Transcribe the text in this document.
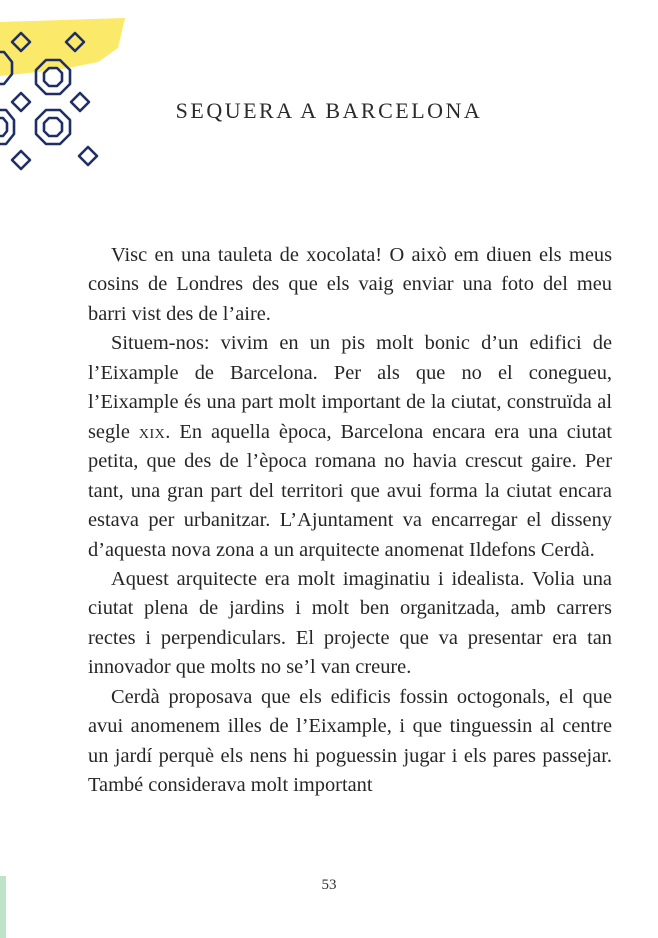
SEQUERA A BARCELONA

Visc en una tauleta de xocolata! O això em diuen els meus cosins de Londres des que els vaig enviar una foto del meu barri vist des de l’aire.

Situem-nos: vivim en un pis molt bonic d’un edifici de l’Eixample de Barcelona. Per als que no el conegueu, l’Eixample és una part molt important de la ciutat, construïda al segle xix. En aquella època, Barcelona encara era una ciutat petita, que des de l’època romana no havia crescut gaire. Per tant, una gran part del territori que avui forma la ciutat encara estava per urbanitzar. L’Ajuntament va encarregar el disseny d’aquesta nova zona a un arquitecte anomenat Ildefons Cerdà.

Aquest arquitecte era molt imaginatiu i idealista. Volia una ciutat plena de jardins i molt ben organitzada, amb carrers rectes i perpendiculars. El projecte que va presentar era tan innovador que molts no se’l van creure.

Cerdà proposava que els edificis fossin octogonals, el que avui anomenem illes de l’Eixample, i que tinguessin al centre un jardí perquè els nens hi poguessin jugar i els pares passejar. També considerava molt important

53
